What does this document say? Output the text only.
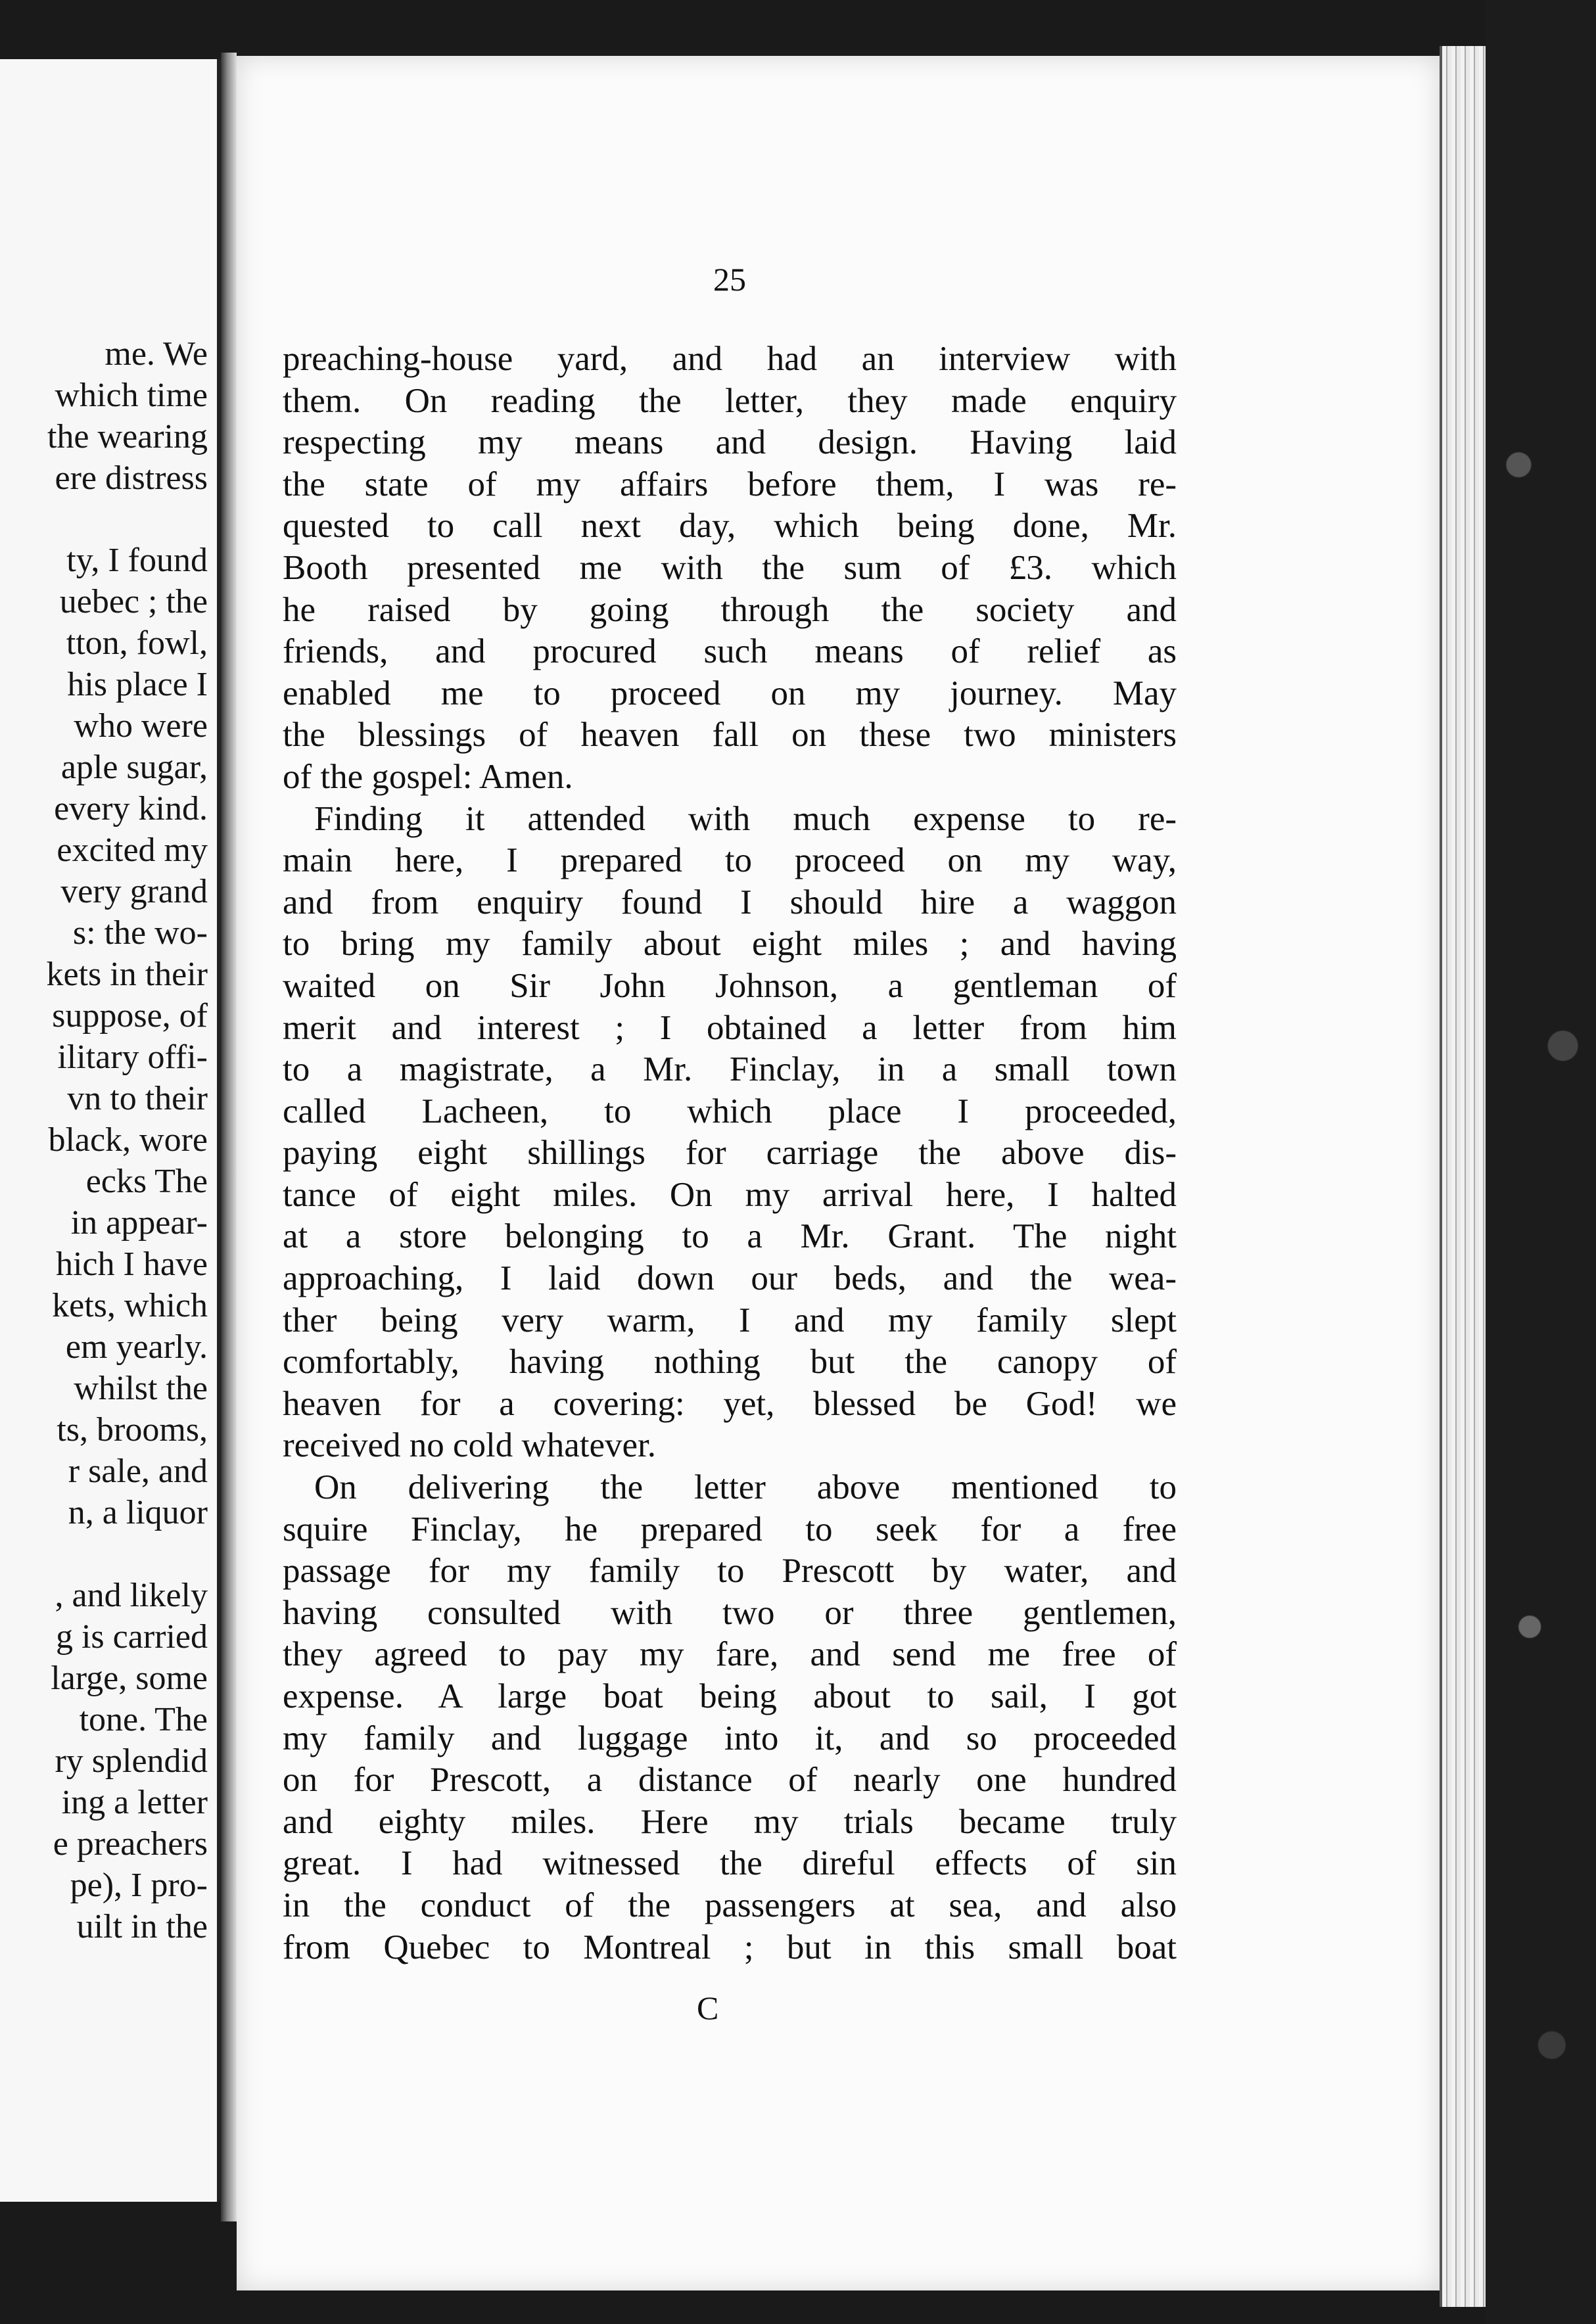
me. We
which time
the wearing
ere distress
ty, I found
uebec ; the
tton, fowl,
his place I
who were
aple sugar,
every kind.
excited my
very grand
s: the wo-
kets in their
suppose, of
ilitary offi-
vn to their
black, wore
ecks The
in appear-
hich I have
kets, which
em yearly.
whilst the
ts, brooms,
r sale, and
n, a liquor
, and likely
g is carried
large, some
tone. The
ry splendid
ing a letter
e preachers
pe), I pro-
uilt in the
25
preaching-house yard, and had an interview with
them. On reading the letter, they made enquiry
respecting my means and design. Having laid
the state of my affairs before them, I was re-
quested to call next day, which being done, Mr.
Booth presented me with the sum of £3. which
he raised by going through the society and
friends, and procured such means of relief as
enabled me to proceed on my journey. May
the blessings of heaven fall on these two ministers
of the gospel: Amen.
Finding it attended with much expense to re-
main here, I prepared to proceed on my way,
and from enquiry found I should hire a waggon
to bring my family about eight miles ; and having
waited on Sir John Johnson, a gentleman of
merit and interest ; I obtained a letter from him
to a magistrate, a Mr. Finclay, in a small town
called Lacheen, to which place I proceeded,
paying eight shillings for carriage the above dis-
tance of eight miles. On my arrival here, I halted
at a store belonging to a Mr. Grant. The night
approaching, I laid down our beds, and the wea-
ther being very warm, I and my family slept
comfortably, having nothing but the canopy of
heaven for a covering: yet, blessed be God! we
received no cold whatever.
On delivering the letter above mentioned to
squire Finclay, he prepared to seek for a free
passage for my family to Prescott by water, and
having consulted with two or three gentlemen,
they agreed to pay my fare, and send me free of
expense. A large boat being about to sail, I got
my family and luggage into it, and so proceeded
on for Prescott, a distance of nearly one hundred
and eighty miles. Here my trials became truly
great. I had witnessed the direful effects of sin
in the conduct of the passengers at sea, and also
from Quebec to Montreal ; but in this small boat
C
